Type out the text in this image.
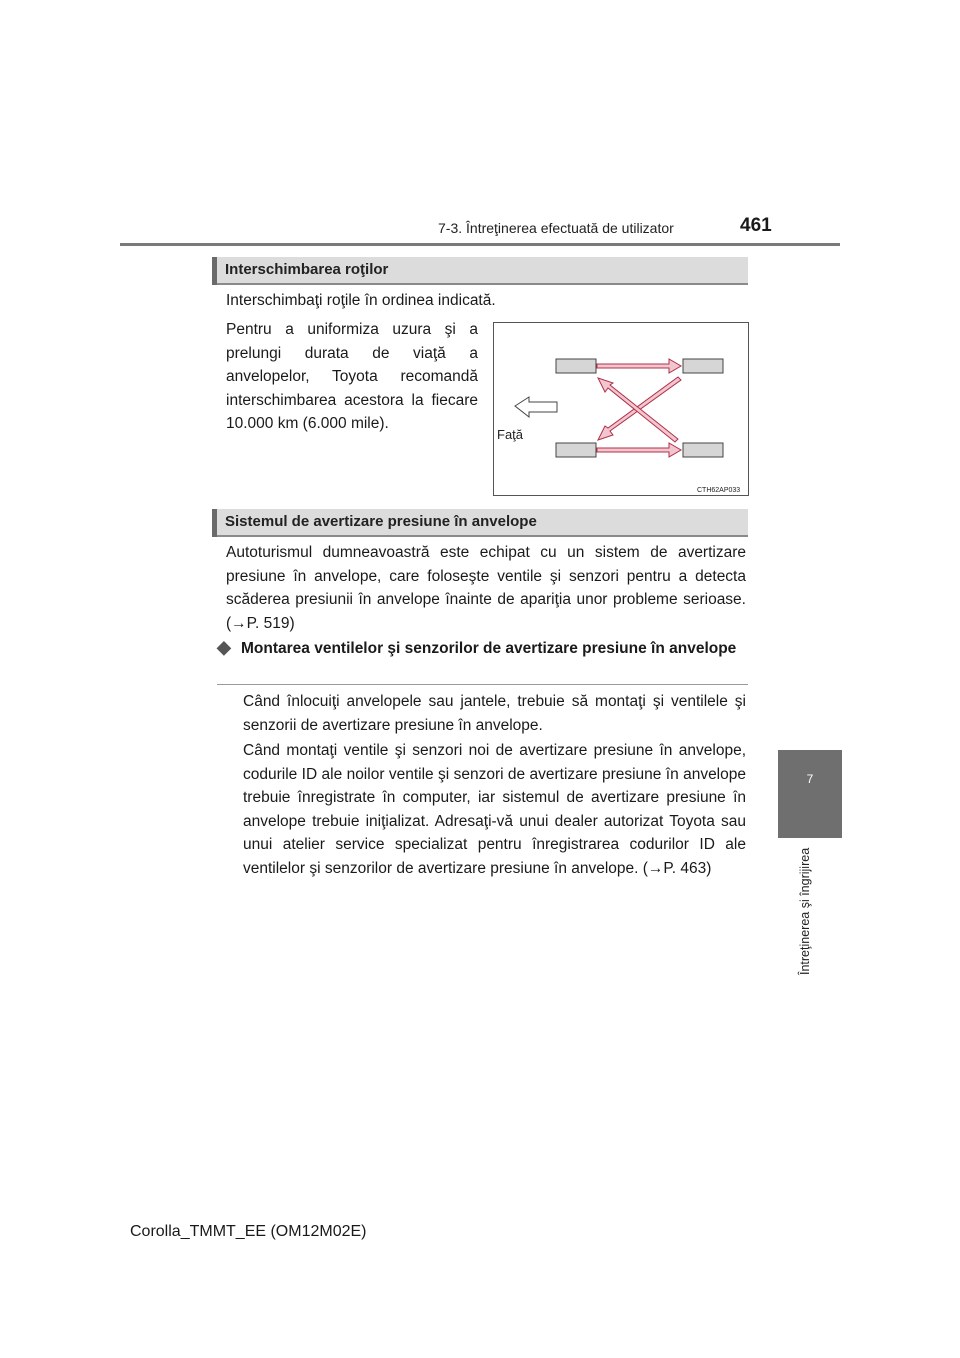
7-3. Întreţinerea efectuată de utilizator	461
7
Întreţinerea şi îngrijirea
Interschimbarea roţilor

Interschimbaţi roţile în ordinea indicată.

Pentru a uniformiza uzura şi a prelungi durata de viaţă a anvelopelor, Toyota recomandă interschimbarea acestora la fiecare 10.000 km (6.000 mile).

Faţă
CTH62AP033
Sistemul de avertizare presiune în anvelope

Autoturismul dumneavoastră este echipat cu un sistem de avertizare presiune în anvelope, care foloseşte ventile şi senzori pentru a detecta scăderea presiunii în anvelope înainte de apariţia unor probleme serioase. (→P. 519)

◆ Montarea ventilelor şi senzorilor de avertizare presiune în anvelope

Când înlocuiţi anvelopele sau jantele, trebuie să montaţi şi ventilele şi senzorii de avertizare presiune în anvelope.

Când montaţi ventile şi senzori noi de avertizare presiune în anvelope, codurile ID ale noilor ventile şi senzori de avertizare presiune în anvelope trebuie înregistrate în computer, iar sistemul de avertizare presiune în anvelope trebuie iniţializat. Adresaţi-vă unui dealer autorizat Toyota sau unui atelier service specializat pentru înregistrarea codurilor ID ale ventilelor şi senzorilor de avertizare presiune în anvelope. (→P. 463)

Corolla_TMMT_EE (OM12M02E)
